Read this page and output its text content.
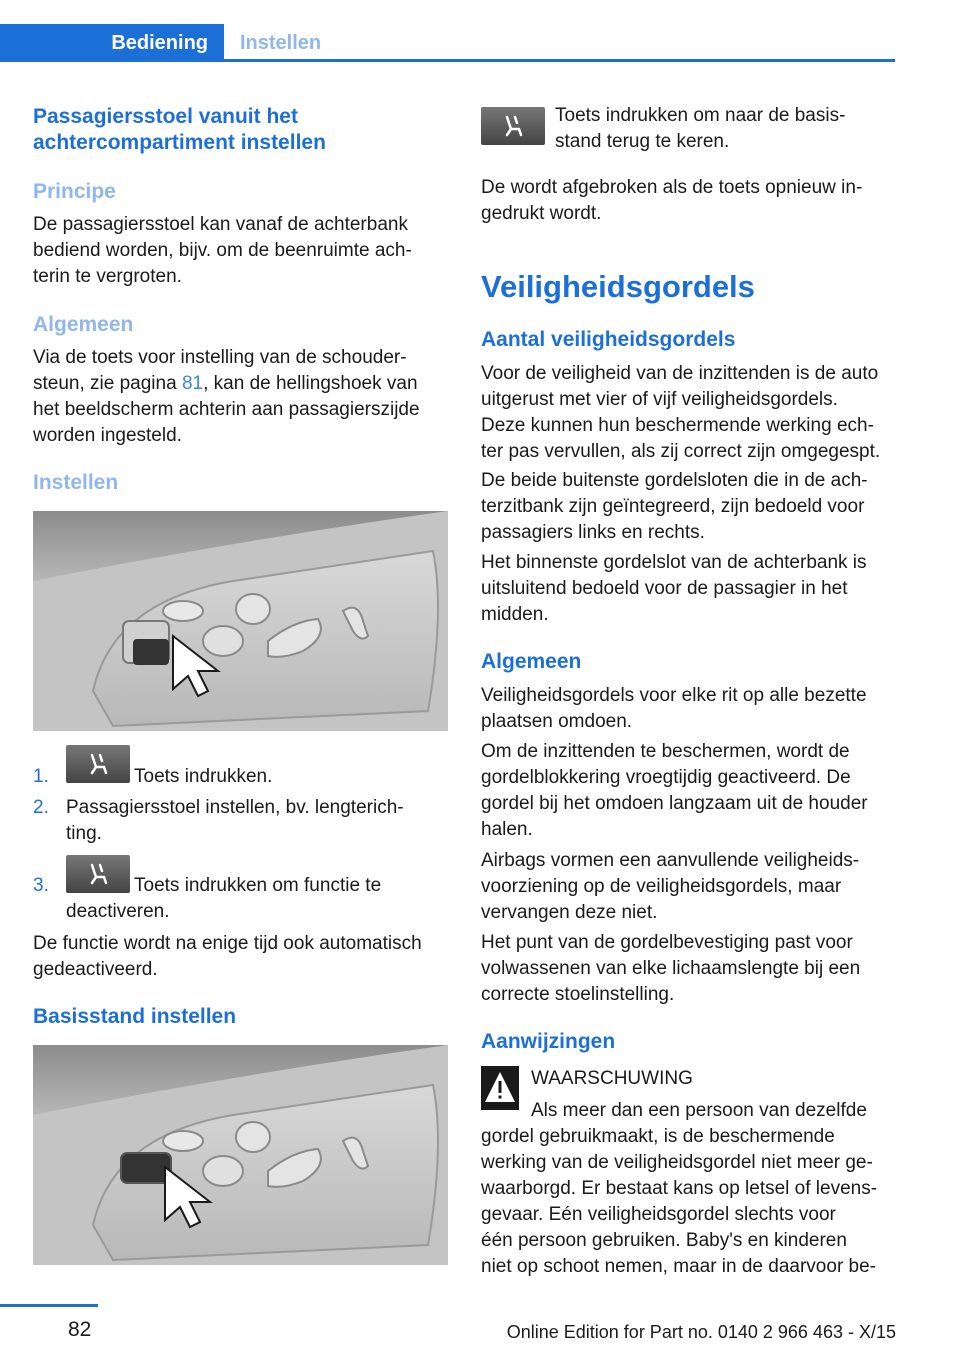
Bediening	Instellen
Passagiersstoel vanuit het
achtercompartiment instellen
Principe
De passagiersstoel kan vanaf de achterbank
bediend worden, bijv. om de beenruimte ach-
terin te vergroten.
Algemeen
Via de toets voor instelling van de schouder-
steun, zie pagina 81, kan de hellingshoek van
het beeldscherm achterin aan passagierszijde
worden ingesteld.
Instellen
1.	Toets indrukken.
2. Passagiersstoel instellen, bv. lengterich-
ting.
3.	Toets indrukken om functie te
deactiveren.
De functie wordt na enige tijd ook automatisch
gedeactiveerd.
Basisstand instellen
Toets indrukken om naar de basis-
stand terug te keren.
De wordt afgebroken als de toets opnieuw in-
gedrukt wordt.
Veiligheidsgordels
Aantal veiligheidsgordels
Voor de veiligheid van de inzittenden is de auto
uitgerust met vier of vijf veiligheidsgordels.
Deze kunnen hun beschermende werking ech-
ter pas vervullen, als zij correct zijn omgegespt.
De beide buitenste gordelsloten die in de ach-
terzitbank zijn geïntegreerd, zijn bedoeld voor
passagiers links en rechts.
Het binnenste gordelslot van de achterbank is
uitsluitend bedoeld voor de passagier in het
midden.
Algemeen
Veiligheidsgordels voor elke rit op alle bezette
plaatsen omdoen.
Om de inzittenden te beschermen, wordt de
gordelblokkering vroegtijdig geactiveerd. De
gordel bij het omdoen langzaam uit de houder
halen.
Airbags vormen een aanvullende veiligheids-
voorziening op de veiligheidsgordels, maar
vervangen deze niet.
Het punt van de gordelbevestiging past voor
volwassenen van elke lichaamslengte bij een
correcte stoelinstelling.
Aanwijzingen
WAARSCHUWING
Als meer dan een persoon van dezelfde
gordel gebruikmaakt, is de beschermende
werking van de veiligheidsgordel niet meer ge-
waarborgd. Er bestaat kans op letsel of levens-
gevaar. Eén veiligheidsgordel slechts voor
één persoon gebruiken. Baby's en kinderen
niet op schoot nemen, maar in de daarvoor be-
82	Online Edition for Part no. 0140 2 966 463 - X/15
